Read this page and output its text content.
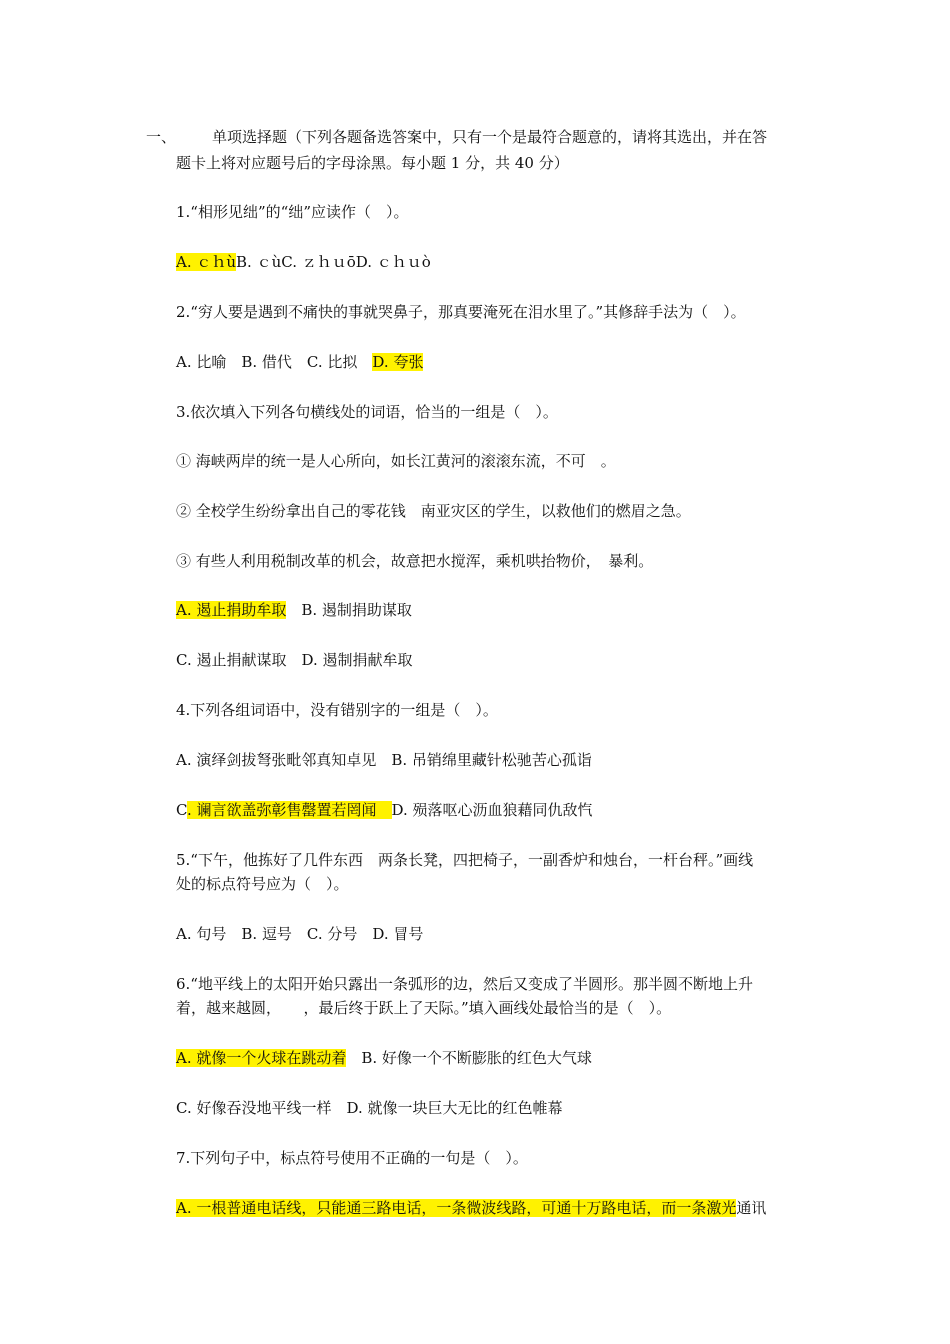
一、 单项选择题（下列各题备选答案中，只有一个是最符合题意的，请将其选出，并在答
题卡上将对应题号后的字母涂黑。每小题 1 分，共 40 分）
1.“相形见绌”的“绌”应读作（　）。
A. ｃｈùB. ｃùC. ｚｈｕōD. ｃｈｕò
2.“穷人要是遇到不痛快的事就哭鼻子，那真要淹死在泪水里了。”其修辞手法为（　）。
A. 比喻　B. 借代　C. 比拟　D. 夸张
3.依次填入下列各句横线处的词语，恰当的一组是（　）。
① 海峡两岸的统一是人心所向，如长江黄河的滚滚东流，不可　。
② 全校学生纷纷拿出自己的零花钱　南亚灾区的学生，以救他们的燃眉之急。
③ 有些人利用税制改革的机会，故意把水搅浑，乘机哄抬物价，　暴利。
A. 遏止捐助牟取　B. 遏制捐助谋取
C. 遏止捐献谋取　D. 遏制捐献牟取
4.下列各组词语中，没有错别字的一组是（　）。
A. 演绎剑拔弩张毗邻真知卓见　B. 吊销绵里藏针松驰苦心孤诣
C. 谰言欲盖弥彰售罄置若罔闻　D. 殒落呕心沥血狼藉同仇敌忾
5.“下午，他拣好了几件东西　两条长凳，四把椅子，一副香炉和烛台，一杆台秤。”画线
处的标点符号应为（　）。
A. 句号　B. 逗号　C. 分号　D. 冒号
6.“地平线上的太阳开始只露出一条弧形的边，然后又变成了半圆形。那半圆不断地上升
着，越来越圆，　　，最后终于跃上了天际。”填入画线处最恰当的是（　）。
A. 就像一个火球在跳动着　B. 好像一个不断膨胀的红色大气球
C. 好像吞没地平线一样　D. 就像一块巨大无比的红色帷幕
7.下列句子中，标点符号使用不正确的一句是（　）。
A. 一根普通电话线，只能通三路电话，一条微波线路，可通十万路电话，而一条激光通讯
